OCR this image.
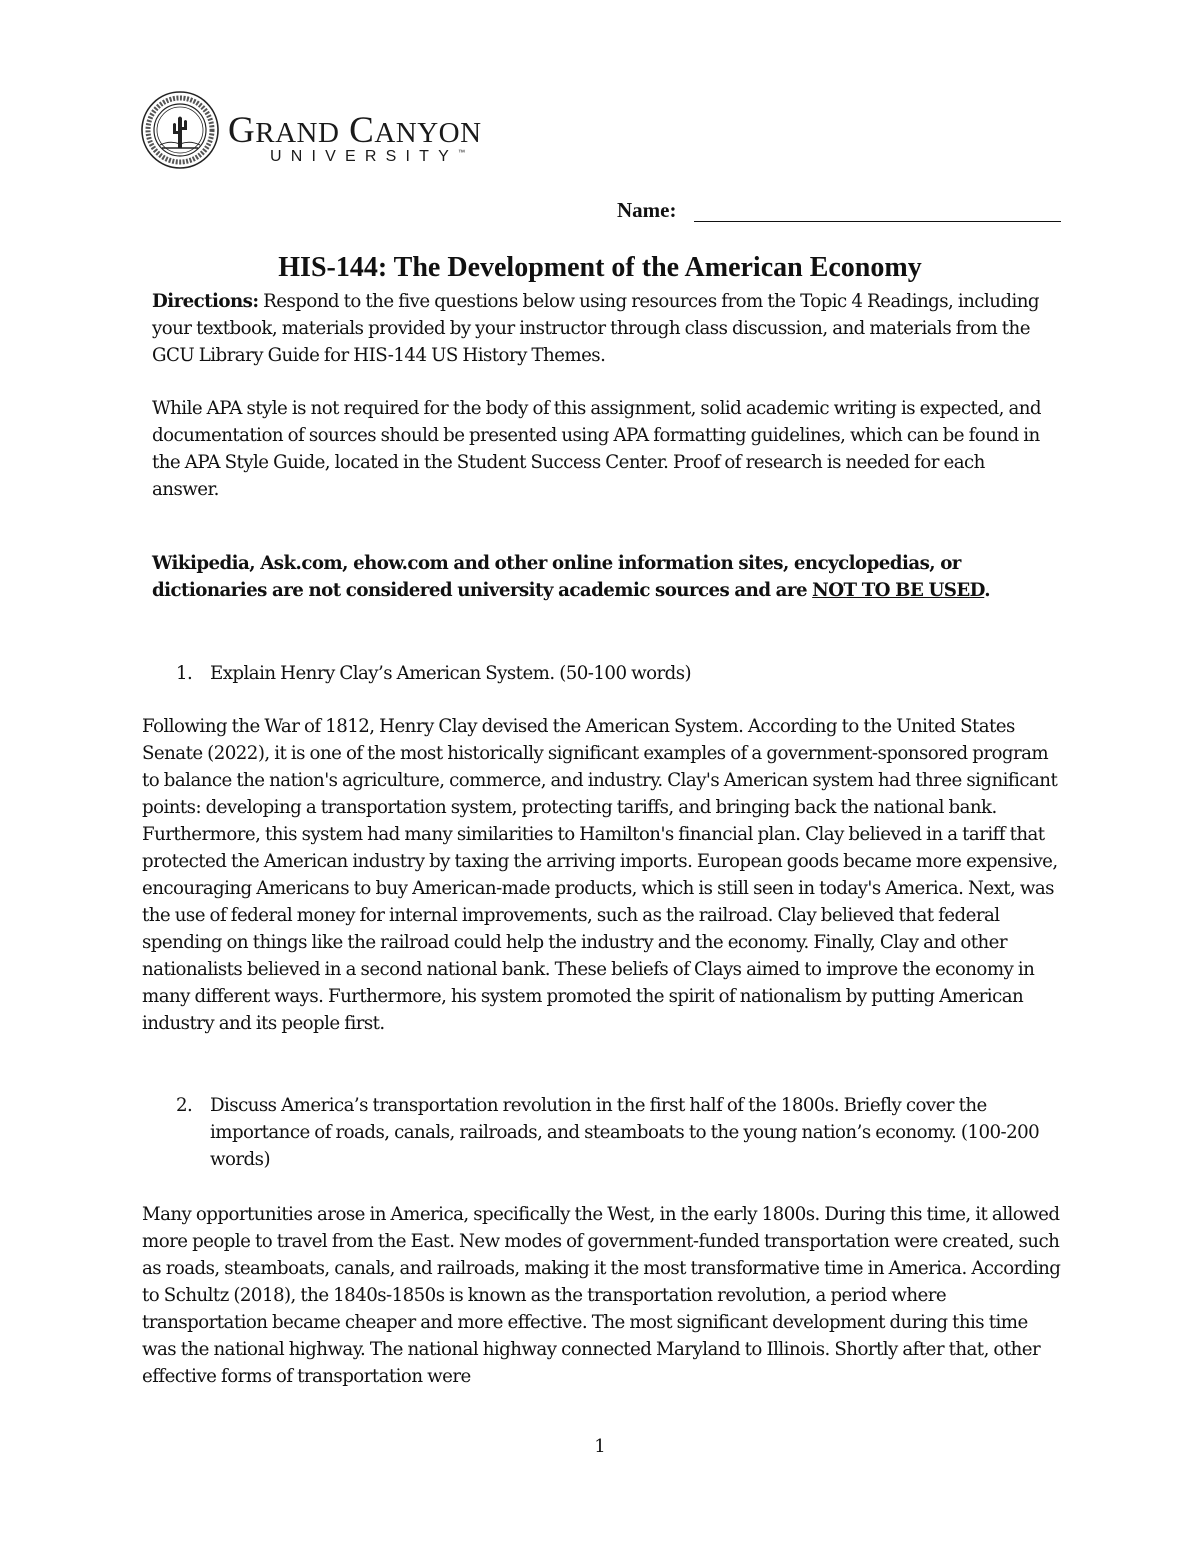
GRAND CANYON
UNIVERSITY™
Name:
HIS-144: The Development of the American Economy
Directions: Respond to the five questions below using resources from the Topic 4 Readings, including your textbook, materials provided by your instructor through class discussion, and materials from the GCU Library Guide for HIS-144 US History Themes.
While APA style is not required for the body of this assignment, solid academic writing is expected, and documentation of sources should be presented using APA formatting guidelines, which can be found in the APA Style Guide, located in the Student Success Center. Proof of research is needed for each answer.
Wikipedia, Ask.com, ehow.com and other online information sites, encyclopedias, or dictionaries are not considered university academic sources and are NOT TO BE USED.
1. Explain Henry Clay’s American System. (50-100 words)
Following the War of 1812, Henry Clay devised the American System. According to the United States Senate (2022), it is one of the most historically significant examples of a government-sponsored program to balance the nation's agriculture, commerce, and industry. Clay's American system had three significant points: developing a transportation system, protecting tariffs, and bringing back the national bank. Furthermore, this system had many similarities to Hamilton's financial plan. Clay believed in a tariff that protected the American industry by taxing the arriving imports. European goods became more expensive, encouraging Americans to buy American-made products, which is still seen in today's America. Next, was the use of federal money for internal improvements, such as the railroad. Clay believed that federal spending on things like the railroad could help the industry and the economy. Finally, Clay and other nationalists believed in a second national bank. These beliefs of Clays aimed to improve the economy in many different ways. Furthermore, his system promoted the spirit of nationalism by putting American industry and its people first.
2. Discuss America’s transportation revolution in the first half of the 1800s. Briefly cover the importance of roads, canals, railroads, and steamboats to the young nation’s economy. (100-200 words)
Many opportunities arose in America, specifically the West, in the early 1800s. During this time, it allowed more people to travel from the East. New modes of government-funded transportation were created, such as roads, steamboats, canals, and railroads, making it the most transformative time in America. According to Schultz (2018), the 1840s-1850s is known as the transportation revolution, a period where transportation became cheaper and more effective. The most significant development during this time was the national highway. The national highway connected Maryland to Illinois. Shortly after that, other effective forms of transportation were
1
